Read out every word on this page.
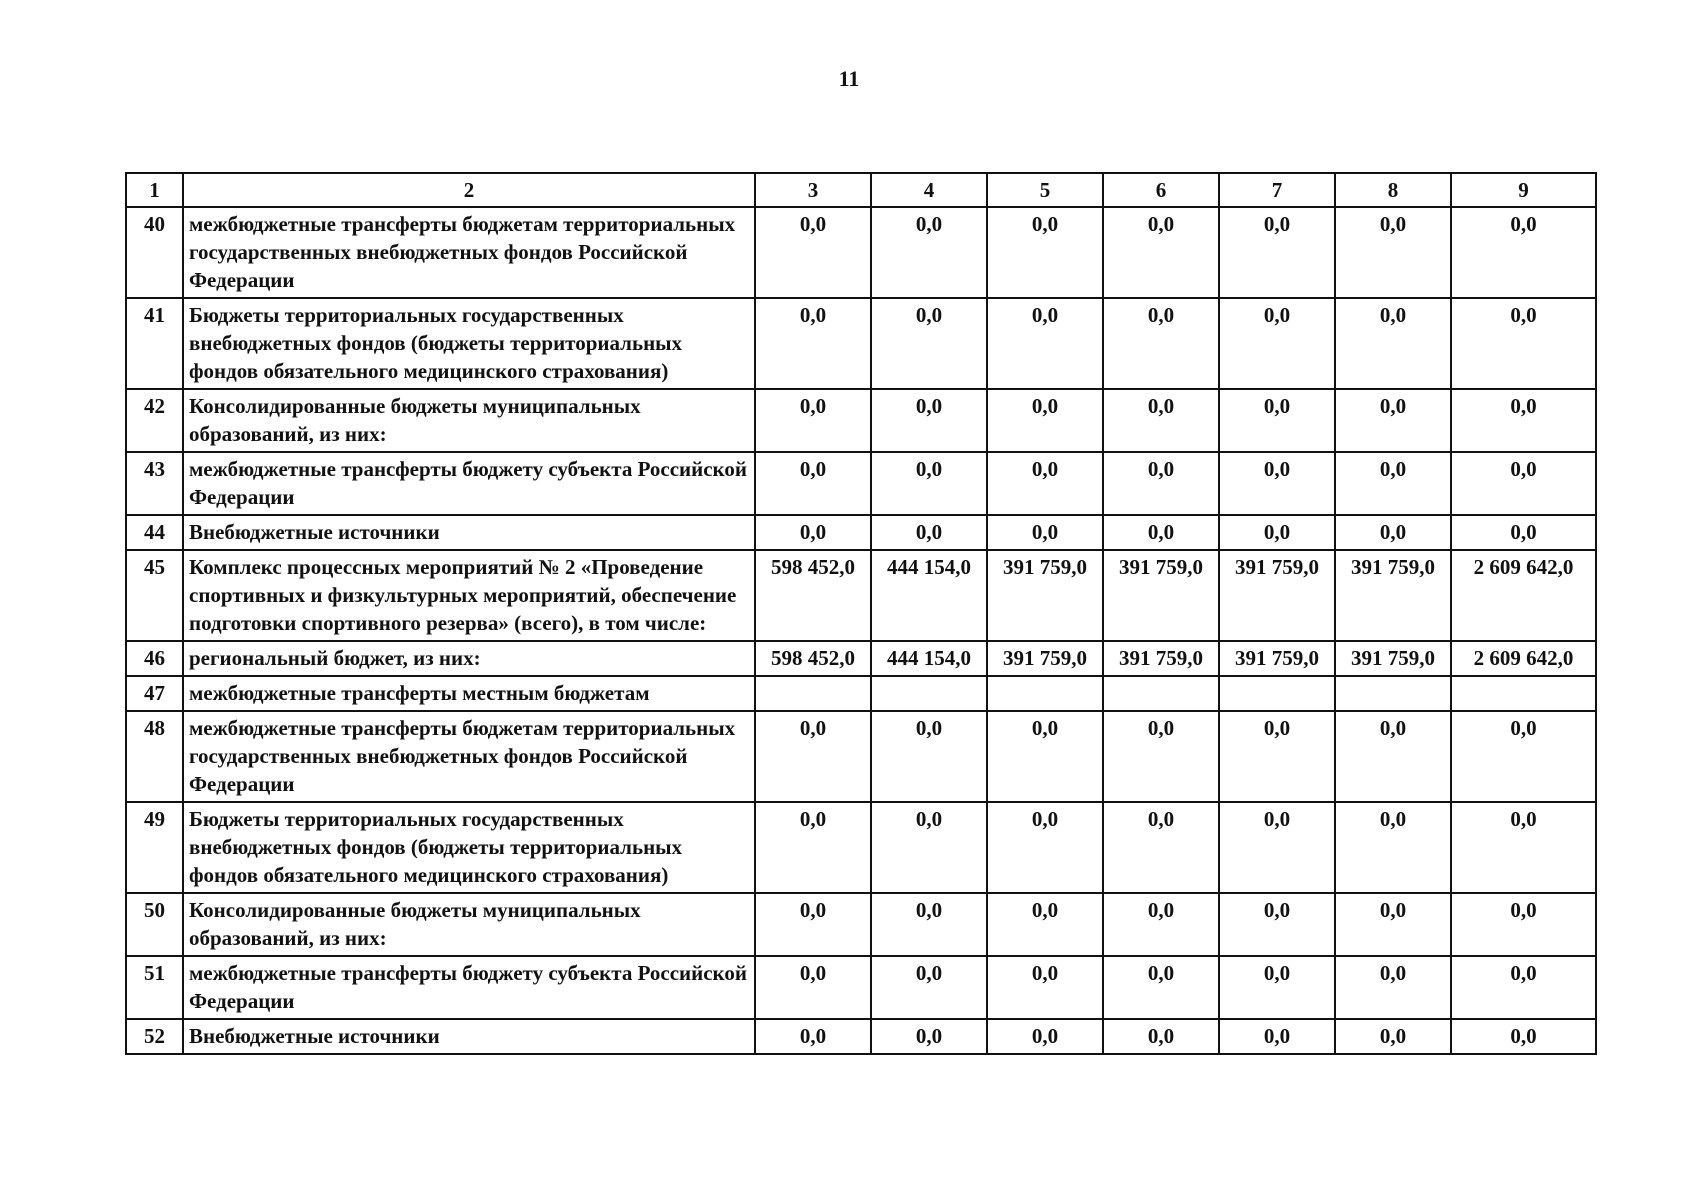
11
1	2	3	4	5	6	7	8	9
40	межбюджетные трансферты бюджетам территориальных государственных внебюджетных фондов Российской Федерации	0,0	0,0	0,0	0,0	0,0	0,0	0,0
41	Бюджеты территориальных государственных внебюджетных фондов (бюджеты территориальных фондов обязательного медицинского страхования)	0,0	0,0	0,0	0,0	0,0	0,0	0,0
42	Консолидированные бюджеты муниципальных образований, из них:	0,0	0,0	0,0	0,0	0,0	0,0	0,0
43	межбюджетные трансферты бюджету субъекта Российской Федерации	0,0	0,0	0,0	0,0	0,0	0,0	0,0
44	Внебюджетные источники	0,0	0,0	0,0	0,0	0,0	0,0	0,0
45	Комплекс процессных мероприятий № 2 «Проведение спортивных и физкультурных мероприятий, обеспечение подготовки спортивного резерва» (всего), в том числе:	598 452,0	444 154,0	391 759,0	391 759,0	391 759,0	391 759,0	2 609 642,0
46	региональный бюджет, из них:	598 452,0	444 154,0	391 759,0	391 759,0	391 759,0	391 759,0	2 609 642,0
47	межбюджетные трансферты местным бюджетам							
48	межбюджетные трансферты бюджетам территориальных государственных внебюджетных фондов Российской Федерации	0,0	0,0	0,0	0,0	0,0	0,0	0,0
49	Бюджеты территориальных государственных внебюджетных фондов (бюджеты территориальных фондов обязательного медицинского страхования)	0,0	0,0	0,0	0,0	0,0	0,0	0,0
50	Консолидированные бюджеты муниципальных образований, из них:	0,0	0,0	0,0	0,0	0,0	0,0	0,0
51	межбюджетные трансферты бюджету субъекта Российской Федерации	0,0	0,0	0,0	0,0	0,0	0,0	0,0
52	Внебюджетные источники	0,0	0,0	0,0	0,0	0,0	0,0	0,0
